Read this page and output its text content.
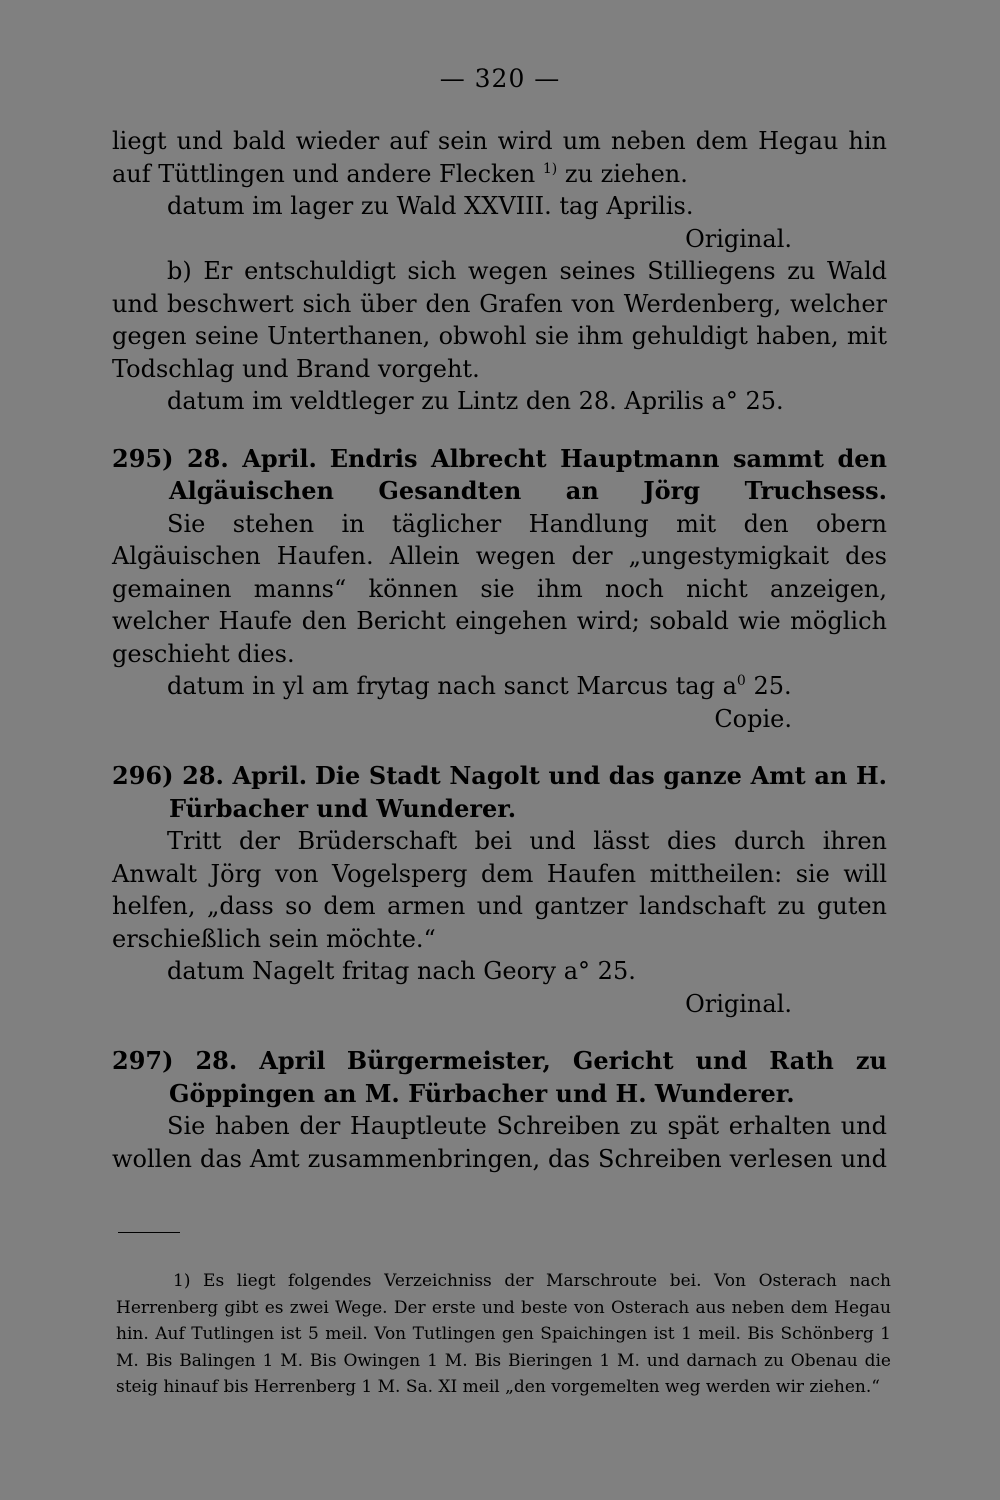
— 320 —

liegt und bald wieder auf sein wird um neben dem Hegau hin

auf Tüttlingen und andere Flecken $^{1)}$ zu ziehen.

datum im lager zu Wald XXVIII. tag Aprilis.

Original.

b) Er entschuldigt sich wegen seines Stilliegens zu Wald und beschwert sich über den Grafen von Werdenberg, welcher gegen seine Unterthanen, obwohl sie ihm gehuldigt haben, mit Todschlag und Brand vorgeht.

datum im veldtleger zu Lintz den 28. Aprilis a° 25.

295) 28. April. Endris Albrecht Hauptmann sammt den Algäuischen Gesandten an Jörg Truchsess.

Sie stehen in täglicher Handlung mit den obern Algäuischen Haufen. Allein wegen der „ungestymigkait des gemainen manns“ können sie ihm noch nicht anzeigen, welcher Haufe den Bericht eingehen wird; sobald wie möglich geschieht dies.

datum in yl am frytag nach sanct Marcus tag $a^0$ 25.

Copie.

296) 28. April. Die Stadt Nagolt und das ganze Amt an H. Fürbacher und Wunderer.

Tritt der Brüderschaft bei und lässt dies durch ihren Anwalt Jörg von Vogelsperg dem Haufen mittheilen: sie will helfen, „dass so dem armen und gantzer landschaft zu guten erschießlich sein möchte.“

datum Nagelt fritag nach Geory a° 25.

Original.

297) 28. April Bürgermeister, Gericht und Rath zu Göppingen an M. Fürbacher und H. Wunderer.

Sie haben der Hauptleute Schreiben zu spät erhalten und wollen das Amt zusammenbringen, das Schreiben verlesen und

1) Es liegt folgendes Verzeichniss der Marschroute bei. Von Osterach nach Herrenberg gibt es zwei Wege. Der erste und beste von Osterach aus neben dem Hegau hin. Auf Tutlingen ist 5 meil. Von Tutlingen gen Spaichingen ist 1 meil. Bis Schönberg 1 M. Bis Balingen 1 M. Bis Owingen 1 M. Bis Bieringen 1 M. und darnach zu Obenau die steig hinauf bis Herrenberg 1 M. Sa. XI meil „den vorgemelten weg werden wir ziehen.“
